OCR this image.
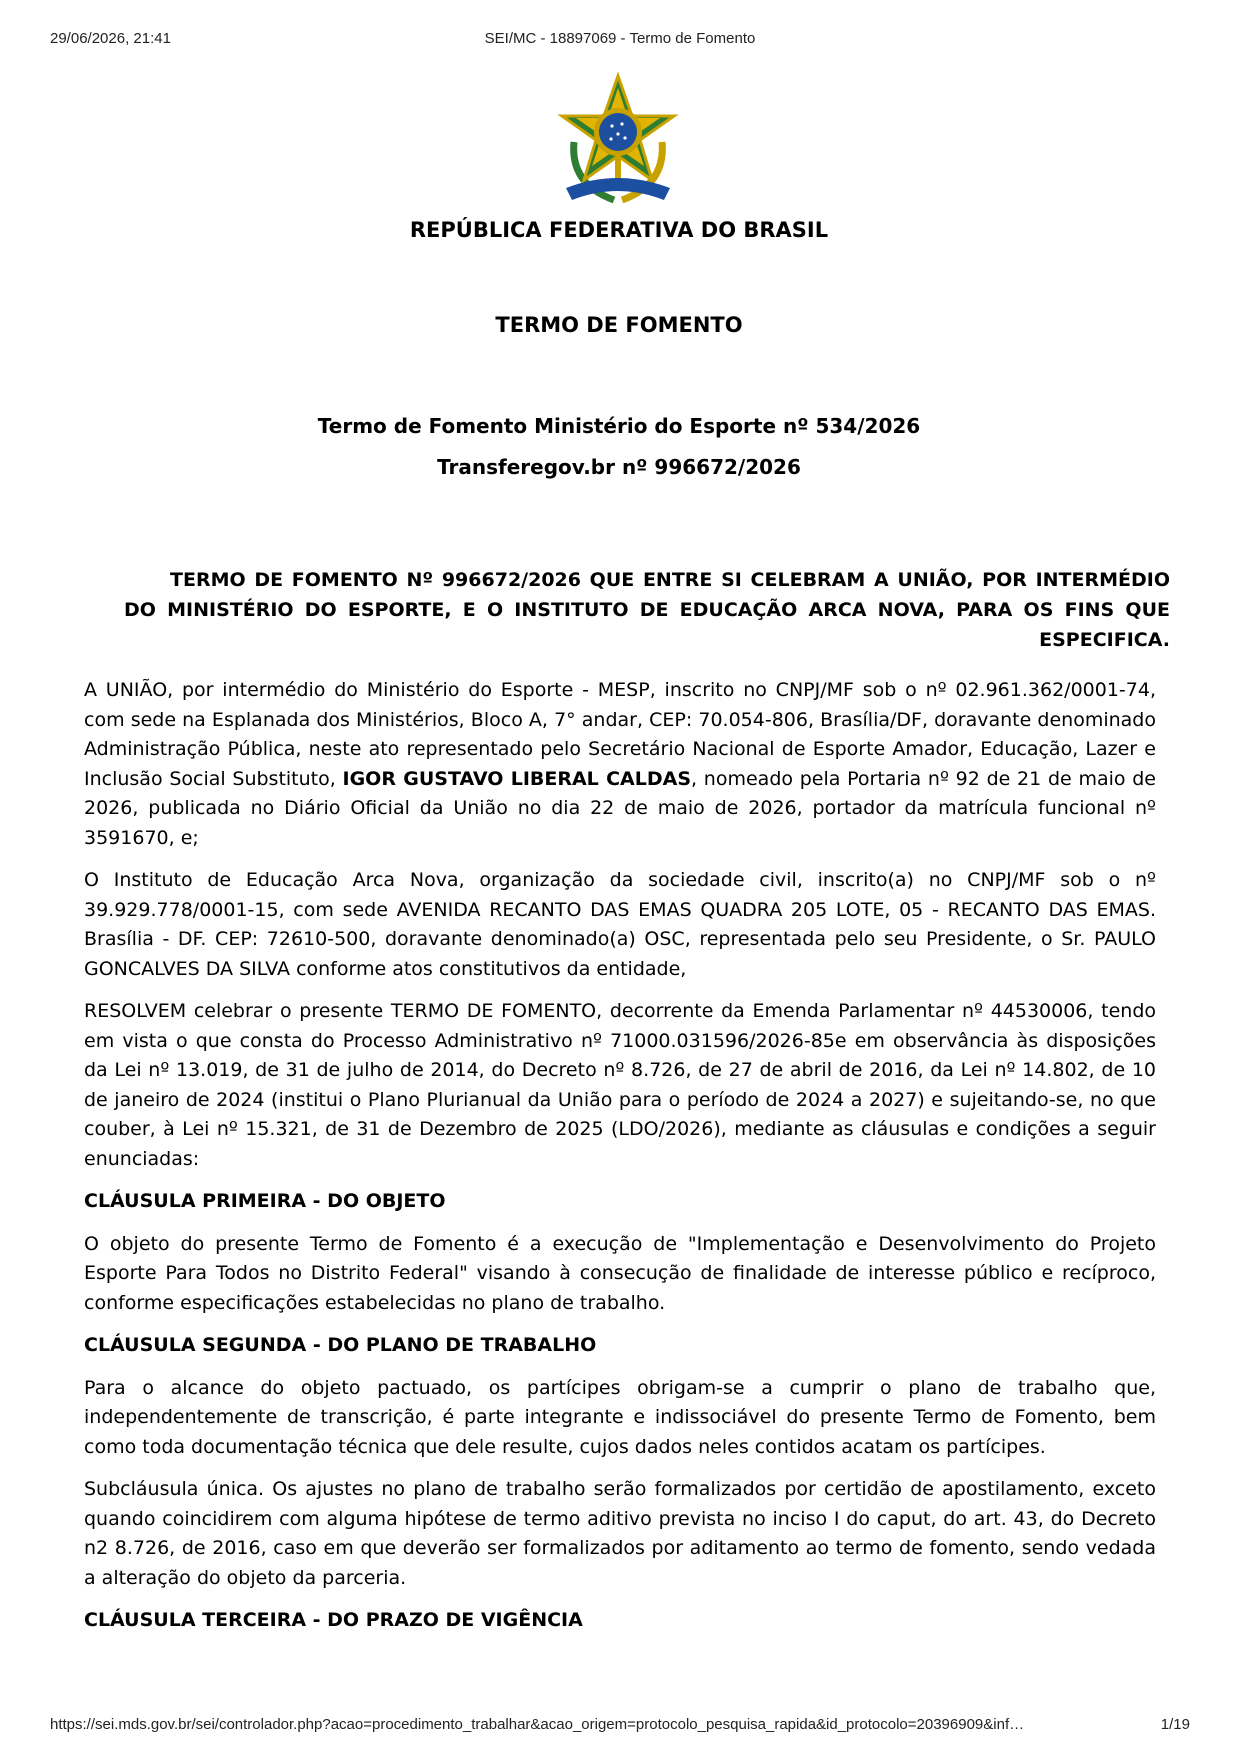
29/06/2026, 21:41	SEI/MC - 18897069 - Termo de Fomento
REPÚBLICA FEDERATIVA DO BRASIL
TERMO DE FOMENTO
Termo de Fomento Ministério do Esporte nº 534/2026
Transferegov.br nº 996672/2026
TERMO DE FOMENTO Nº 996672/2026 QUE ENTRE SI CELEBRAM A UNIÃO, POR INTERMÉDIO DO MINISTÉRIO DO ESPORTE, E O INSTITUTO DE EDUCAÇÃO ARCA NOVA, PARA OS FINS QUE ESPECIFICA.

A UNIÃO, por intermédio do Ministério do Esporte - MESP, inscrito no CNPJ/MF sob o nº 02.961.362/0001-74, com sede na Esplanada dos Ministérios, Bloco A, 7° andar, CEP: 70.054-806, Brasília/DF, doravante denominado Administração Pública, neste ato representado pelo Secretário Nacional de Esporte Amador, Educação, Lazer e Inclusão Social Substituto, IGOR GUSTAVO LIBERAL CALDAS, nomeado pela Portaria nº 92 de 21 de maio de 2026, publicada no Diário Oficial da União no dia 22 de maio de 2026, portador da matrícula funcional nº 3591670, e;

O Instituto de Educação Arca Nova, organização da sociedade civil, inscrito(a) no CNPJ/MF sob o nº 39.929.778/0001-15, com sede AVENIDA RECANTO DAS EMAS QUADRA 205 LOTE, 05 - RECANTO DAS EMAS. Brasília - DF. CEP: 72610-500, doravante denominado(a) OSC, representada pelo seu Presidente, o Sr. PAULO GONCALVES DA SILVA conforme atos constitutivos da entidade,

RESOLVEM celebrar o presente TERMO DE FOMENTO, decorrente da Emenda Parlamentar nº 44530006, tendo em vista o que consta do Processo Administrativo nº 71000.031596/2026-85e em observância às disposições da Lei nº 13.019, de 31 de julho de 2014, do Decreto nº 8.726, de 27 de abril de 2016, da Lei nº 14.802, de 10 de janeiro de 2024 (institui o Plano Plurianual da União para o período de 2024 a 2027) e sujeitando-se, no que couber, à Lei nº 15.321, de 31 de Dezembro de 2025 (LDO/2026), mediante as cláusulas e condições a seguir enunciadas:

CLÁUSULA PRIMEIRA - DO OBJETO

O objeto do presente Termo de Fomento é a execução de "Implementação e Desenvolvimento do Projeto Esporte Para Todos no Distrito Federal" visando à consecução de finalidade de interesse público e recíproco, conforme especificações estabelecidas no plano de trabalho.

CLÁUSULA SEGUNDA - DO PLANO DE TRABALHO

Para o alcance do objeto pactuado, os partícipes obrigam-se a cumprir o plano de trabalho que, independentemente de transcrição, é parte integrante e indissociável do presente Termo de Fomento, bem como toda documentação técnica que dele resulte, cujos dados neles contidos acatam os partícipes.

Subcláusula única. Os ajustes no plano de trabalho serão formalizados por certidão de apostilamento, exceto quando coincidirem com alguma hipótese de termo aditivo prevista no inciso I do caput, do art. 43, do Decreto n2 8.726, de 2016, caso em que deverão ser formalizados por aditamento ao termo de fomento, sendo vedada a alteração do objeto da parceria.

CLÁUSULA TERCEIRA - DO PRAZO DE VIGÊNCIA
https://sei.mds.gov.br/sei/controlador.php?acao=procedimento_trabalhar&acao_origem=protocolo_pesquisa_rapida&id_protocolo=20396909&inf…	1/19
